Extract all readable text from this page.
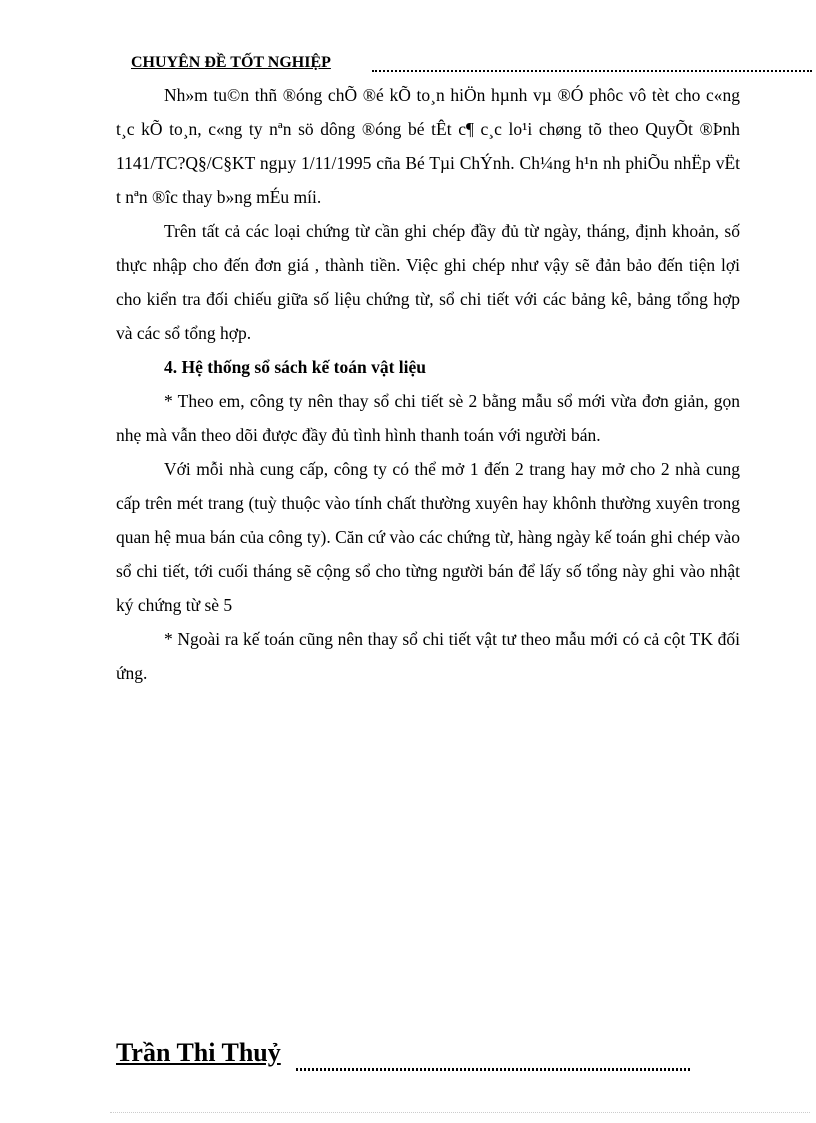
CHUYÊN ĐỀ TỐT NGHIỆP

Nh»m tu©n thñ ®óng chÕ ®é kÕ to¸n hiÖn hµnh vµ ®Ó phôc vô tèt cho c«ng t¸c kÕ to¸n, c«ng ty nªn sö dông ®óng bé tÊt c¶ c¸c lo¹i chøng tõ theo QuyÕt ®Þnh 1141/TC?Q§/C§KT ngµy 1/11/1995 cña Bé Tµi ChÝnh. Ch¼ng h¹n nh phiÕu nhËp vËt t nªn ®îc thay b»ng mÉu míi.

Trên tất cả các loại chứng từ cần ghi chép đầy đủ từ ngày, tháng, định khoản, số thực nhập cho đến đơn giá , thành tiền. Việc ghi chép như vậy sẽ đản bảo đến tiện lợi cho kiển tra đối chiếu giữa số liệu chứng từ, sổ chi tiết với các bảng kê, bảng tổng hợp và các sổ tổng hợp.

4. Hệ thống sổ sách kế toán vật liệu

* Theo em, công ty nên thay sổ chi tiết sè 2 bằng mẫu sổ mới vừa đơn giản, gọn nhẹ mà vẫn theo dõi được đầy đủ tình hình thanh toán với người bán.

Với mỗi nhà cung cấp, công ty có thể mở 1 đến 2 trang hay mở cho 2 nhà cung cấp trên mét trang (tuỳ thuộc vào tính chất thường xuyên hay khônh thường xuyên trong quan hệ mua bán của công ty). Căn cứ vào các chứng từ, hàng ngày kế toán ghi chép vào sổ chi tiết, tới cuối tháng sẽ cộng sổ cho từng người bán để lấy số tổng này ghi vào nhật ký chứng từ sè 5

* Ngoài ra kế toán cũng nên thay sổ chi tiết vật tư theo mẫu mới có cả cột TK đối ứng.

Trần Thi Thuỷ
